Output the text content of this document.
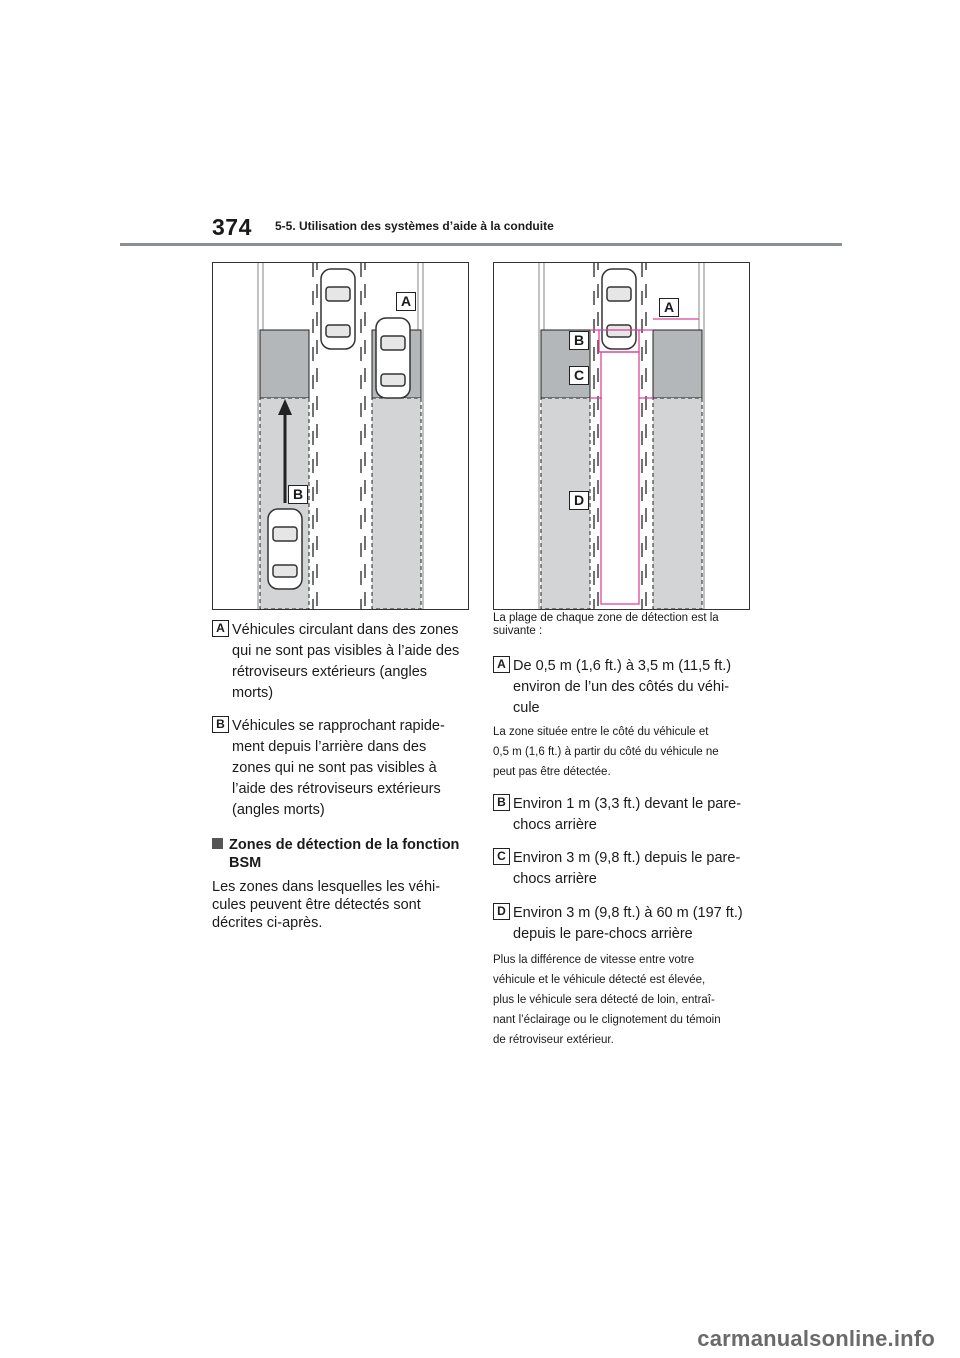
374 5-5. Utilisation des systèmes d’aide à la conduite
A
B
A
B
C
D
A Véhicules circulant dans des zones
qui ne sont pas visibles à l’aide des
rétroviseurs extérieurs (angles
morts)
B Véhicules se rapprochant rapide-
ment depuis l’arrière dans des
zones qui ne sont pas visibles à
l’aide des rétroviseurs extérieurs
(angles morts)
Zones de détection de la fonction BSM
Les zones dans lesquelles les véhi-cules peuvent être détectés sont décrites ci-après.
La plage de chaque zone de détection est la suivante :
A De 0,5 m (1,6 ft.) à 3,5 m (11,5 ft.)
environ de l’un des côtés du véhi-
cule
La zone située entre le côté du véhicule et
0,5 m (1,6 ft.) à partir du côté du véhicule ne
peut pas être détectée.
B Environ 1 m (3,3 ft.) devant le pare-
chocs arrière
C Environ 3 m (9,8 ft.) depuis le pare-
chocs arrière
D Environ 3 m (9,8 ft.) à 60 m (197 ft.)
depuis le pare-chocs arrière
Plus la différence de vitesse entre votre
véhicule et le véhicule détecté est élevée,
plus le véhicule sera détecté de loin, entraî-
nant l’éclairage ou le clignotement du témoin
de rétroviseur extérieur.
carmanualsonline.info
